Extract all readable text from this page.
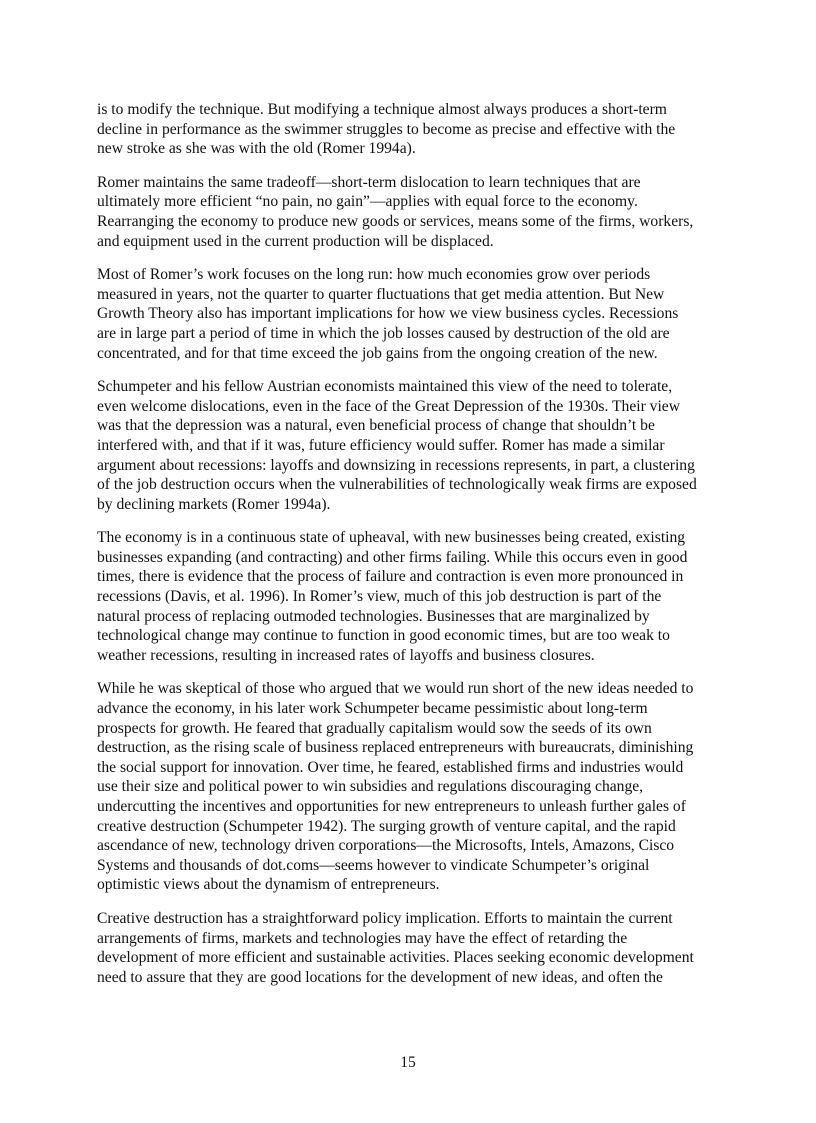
is to modify the technique. But modifying a technique almost always produces a short-term
decline in performance as the swimmer struggles to become as precise and effective with the
new stroke as she was with the old (Romer 1994a).

Romer maintains the same tradeoff—short-term dislocation to learn techniques that are
ultimately more efficient “no pain, no gain”—applies with equal force to the economy.
Rearranging the economy to produce new goods or services, means some of the firms, workers,
and equipment used in the current production will be displaced.

Most of Romer’s work focuses on the long run: how much economies grow over periods
measured in years, not the quarter to quarter fluctuations that get media attention. But New
Growth Theory also has important implications for how we view business cycles. Recessions
are in large part a period of time in which the job losses caused by destruction of the old are
concentrated, and for that time exceed the job gains from the ongoing creation of the new.

Schumpeter and his fellow Austrian economists maintained this view of the need to tolerate,
even welcome dislocations, even in the face of the Great Depression of the 1930s. Their view
was that the depression was a natural, even beneficial process of change that shouldn’t be
interfered with, and that if it was, future efficiency would suffer. Romer has made a similar
argument about recessions: layoffs and downsizing in recessions represents, in part, a clustering
of the job destruction occurs when the vulnerabilities of technologically weak firms are exposed
by declining markets (Romer 1994a).

The economy is in a continuous state of upheaval, with new businesses being created, existing
businesses expanding (and contracting) and other firms failing. While this occurs even in good
times, there is evidence that the process of failure and contraction is even more pronounced in
recessions (Davis, et al. 1996). In Romer’s view, much of this job destruction is part of the
natural process of replacing outmoded technologies. Businesses that are marginalized by
technological change may continue to function in good economic times, but are too weak to
weather recessions, resulting in increased rates of layoffs and business closures.

While he was skeptical of those who argued that we would run short of the new ideas needed to
advance the economy, in his later work Schumpeter became pessimistic about long-term
prospects for growth. He feared that gradually capitalism would sow the seeds of its own
destruction, as the rising scale of business replaced entrepreneurs with bureaucrats, diminishing
the social support for innovation. Over time, he feared, established firms and industries would
use their size and political power to win subsidies and regulations discouraging change,
undercutting the incentives and opportunities for new entrepreneurs to unleash further gales of
creative destruction (Schumpeter 1942). The surging growth of venture capital, and the rapid
ascendance of new, technology driven corporations—the Microsofts, Intels, Amazons, Cisco
Systems and thousands of dot.coms—seems however to vindicate Schumpeter’s original
optimistic views about the dynamism of entrepreneurs.

Creative destruction has a straightforward policy implication. Efforts to maintain the current
arrangements of firms, markets and technologies may have the effect of retarding the
development of more efficient and sustainable activities. Places seeking economic development
need to assure that they are good locations for the development of new ideas, and often the

15
